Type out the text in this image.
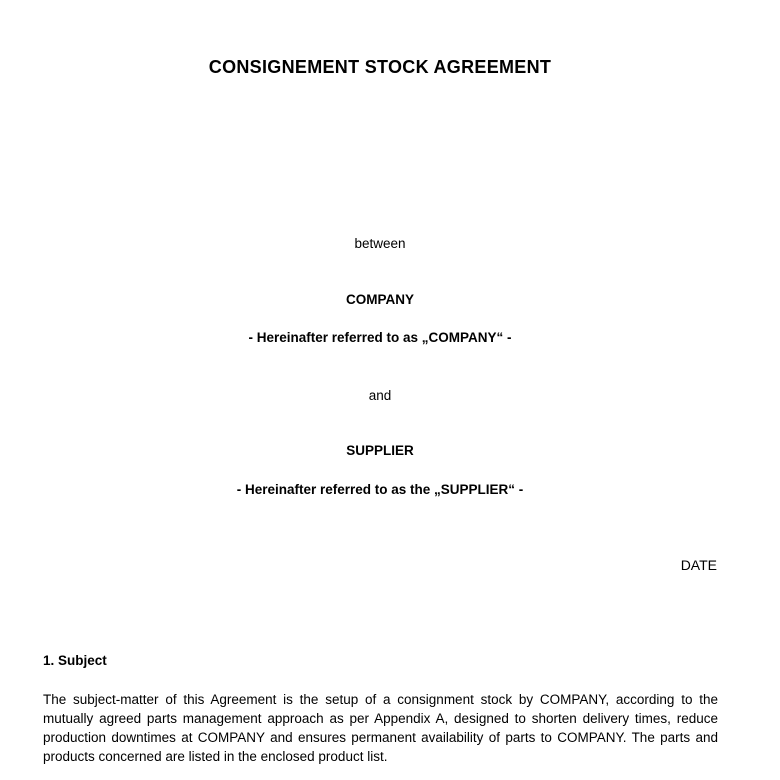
CONSIGNEMENT STOCK AGREEMENT
between
COMPANY
- Hereinafter referred to as „COMPANY“ -
and
SUPPLIER
- Hereinafter referred to as the „SUPPLIER“ -
DATE
1. Subject
The subject-matter of this Agreement is the setup of a consignment stock by COMPANY, according to the mutually agreed parts management approach as per Appendix A, designed to shorten delivery times, reduce production downtimes at COMPANY and ensures permanent availability of parts to COMPANY. The parts and products concerned are listed in the enclosed product list.
